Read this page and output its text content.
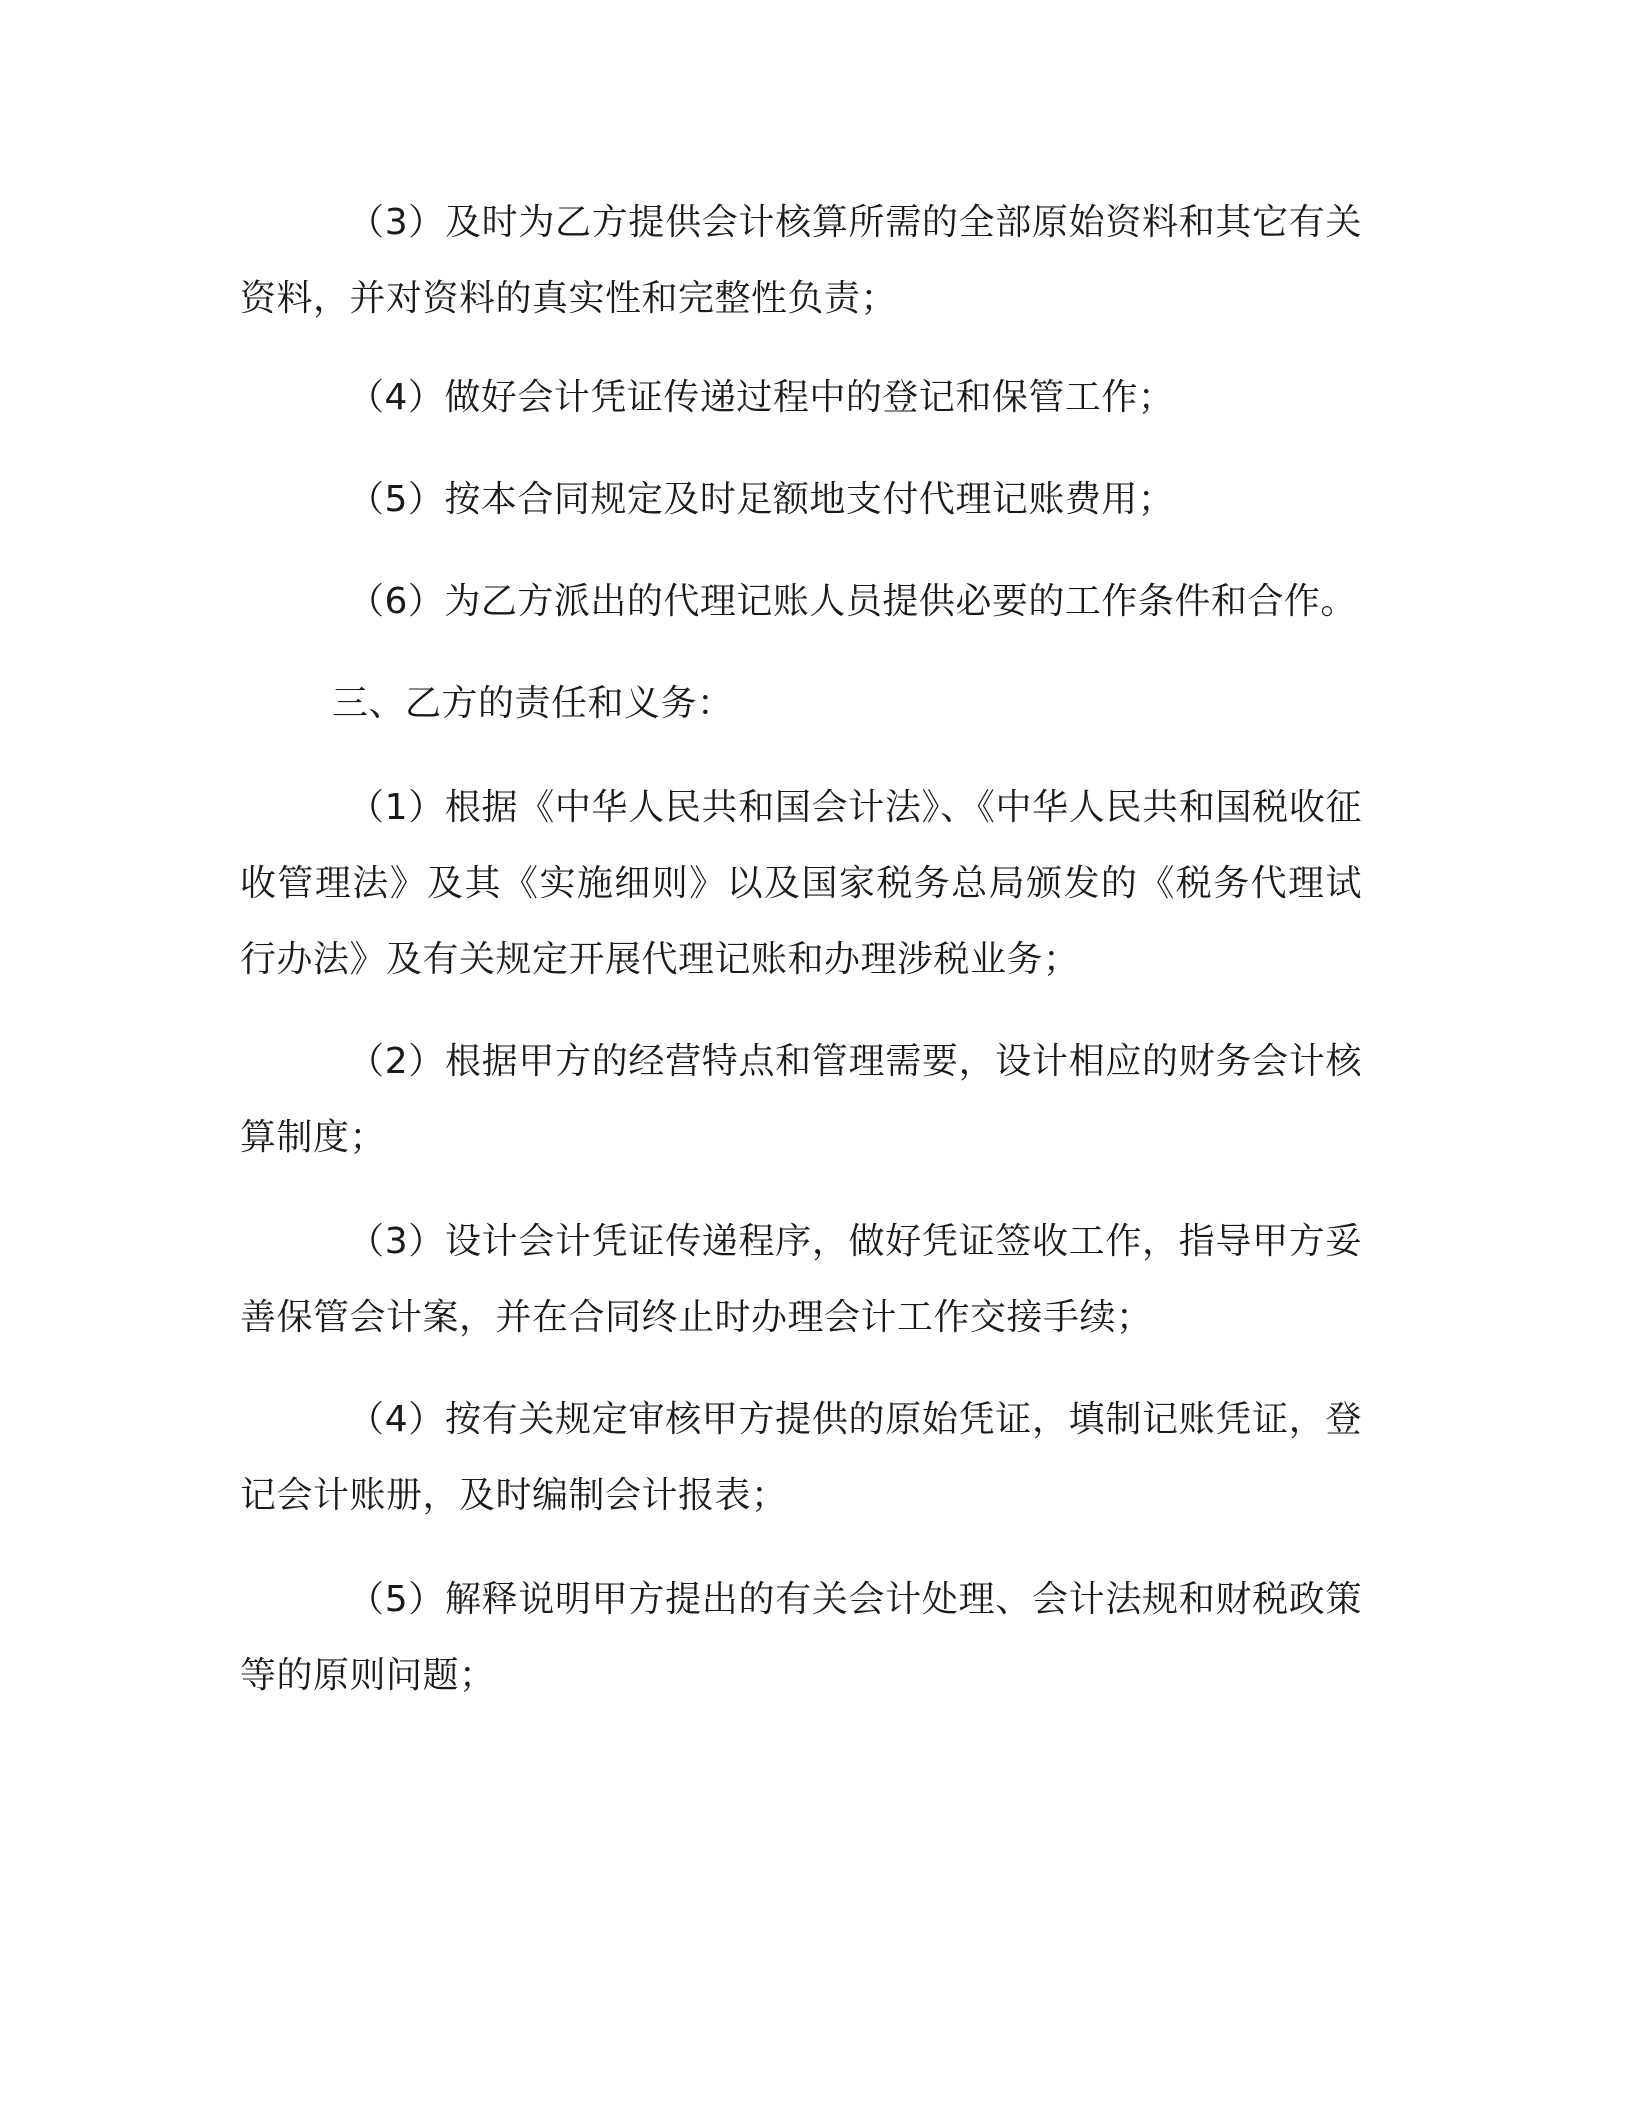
（3）及时为乙方提供会计核算所需的全部原始资料和其它有关资料，并对资料的真实性和完整性负责；

（4）做好会计凭证传递过程中的登记和保管工作；

（5）按本合同规定及时足额地支付代理记账费用；

（6）为乙方派出的代理记账人员提供必要的工作条件和合作。

三、乙方的责任和义务：

（1）根据《中华人民共和国会计法》、《中华人民共和国税收征收管理法》及其《实施细则》以及国家税务总局颁发的《税务代理试行办法》及有关规定开展代理记账和办理涉税业务；

（2）根据甲方的经营特点和管理需要，设计相应的财务会计核算制度；

（3）设计会计凭证传递程序，做好凭证签收工作，指导甲方妥善保管会计案，并在合同终止时办理会计工作交接手续；

（4）按有关规定审核甲方提供的原始凭证，填制记账凭证，登记会计账册，及时编制会计报表；

（5）解释说明甲方提出的有关会计处理、会计法规和财税政策等的原则问题；
